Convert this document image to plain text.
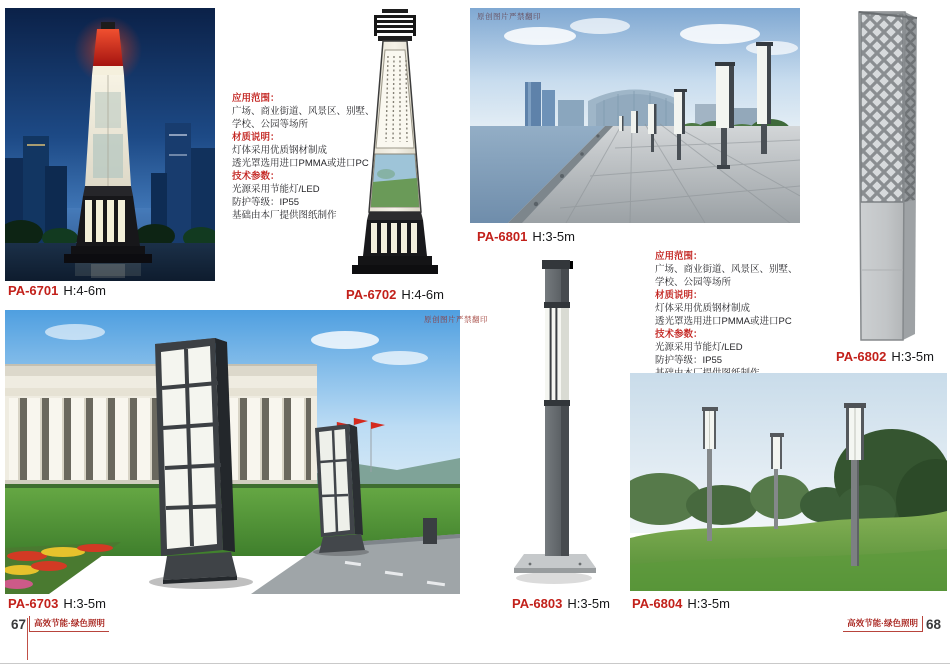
PA-6701 H:4-6m	PA-6702 H:4-6m
应用范围：
广场、商业街道、风景区、别墅、
学校、公园等场所
材质说明：
灯体采用优质钢材制成
透光罩选用进口PMMA或进口PC
技术参数：
光源采用节能灯/LED
防护等级：IP55
基础由本厂提供图纸制作
原创图片严禁翻印
PA-6703 H:3-5m
67 高效节能·绿色照明
原创图片严禁翻印
PA-6801 H:3-5m
PA-6802 H:3-5m
应用范围：
广场、商业街道、风景区、别墅、
学校、公园等场所
材质说明：
灯体采用优质钢材制成
透光罩选用进口PMMA或进口PC
技术参数：
光源采用节能灯/LED
防护等级：IP55
PA-6803 H:3-5m PA-6804 H:3-5m
高效节能·绿色照明 68
